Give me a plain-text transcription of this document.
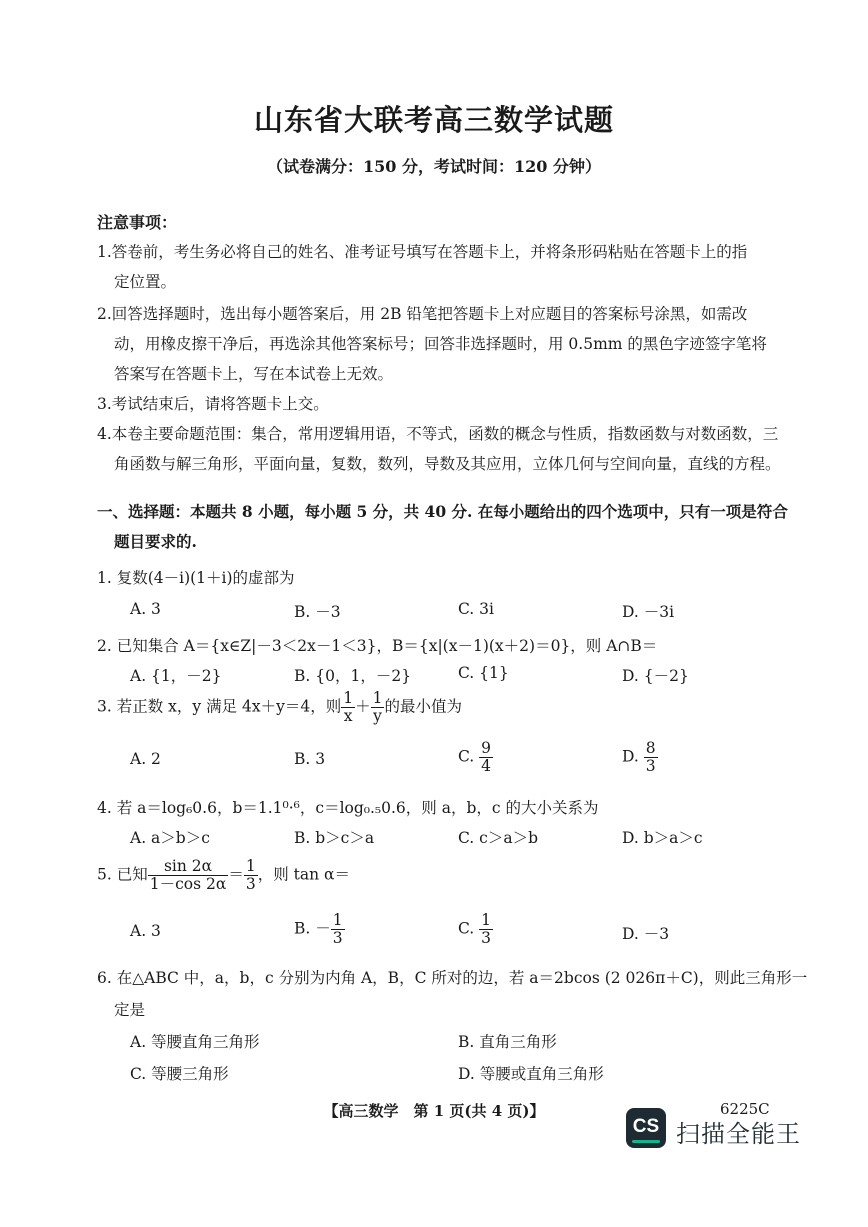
山东省大联考高三数学试题
（试卷满分：150 分，考试时间：120 分钟）
注意事项：
1.答卷前，考生务必将自己的姓名、准考证号填写在答题卡上，并将条形码粘贴在答题卡上的指
定位置。
2.回答选择题时，选出每小题答案后，用 2B 铅笔把答题卡上对应题目的答案标号涂黑，如需改
动，用橡皮擦干净后，再选涂其他答案标号；回答非选择题时，用 0.5mm 的黑色字迹签字笔将
答案写在答题卡上，写在本试卷上无效。
3.考试结束后，请将答题卡上交。
4.本卷主要命题范围：集合，常用逻辑用语，不等式，函数的概念与性质，指数函数与对数函数，三
角函数与解三角形，平面向量，复数，数列，导数及其应用，立体几何与空间向量，直线的方程。
一、选择题：本题共 8 小题，每小题 5 分，共 40 分. 在每小题给出的四个选项中，只有一项是符合
题目要求的.
1. 复数(4－i)(1＋i)的虚部为
A. 3	B. －3	C. 3i	D. －3i
2. 已知集合 A＝{x∈Z|－3＜2x－1＜3}，B＝{x|(x－1)(x＋2)＝0}，则 A∩B＝
A. {1，－2}	B. {0，1，－2}	C. {1}	D. {－2}
3. 若正数 x，y 满足 4x＋y＝4，则 $\frac{1}{x} + \frac{1}{y}$ 的最小值为
A. 2	B. 3	C. $\frac{9}{4}$	D. $\frac{8}{3}$
4. 若 a＝log₆0.6，b＝1.1⁰·⁶，c＝log₀.₅0.6，则 a，b，c 的大小关系为
A. a＞b＞c	B. b＞c＞a	C. c＞a＞b	D. b＞a＞c
5. 已知 $\frac{\sin 2\alpha}{1-\cos 2\alpha} = \frac{1}{3}$ ，则 tan α＝
A. 3	B. － $\frac{1}{3}$	C. $\frac{1}{3}$	D. －3
6. 在△ABC 中，a，b，c 分别为内角 A，B，C 所对的边，若 a＝2bcos (2 026π＋C)，则此三角形一
定是
A. 等腰直角三角形	B. 直角三角形
C. 等腰三角形	D. 等腰或直角三角形
【高三数学　第 1 页(共 4 页)】	6225C
CS 扫描全能王
